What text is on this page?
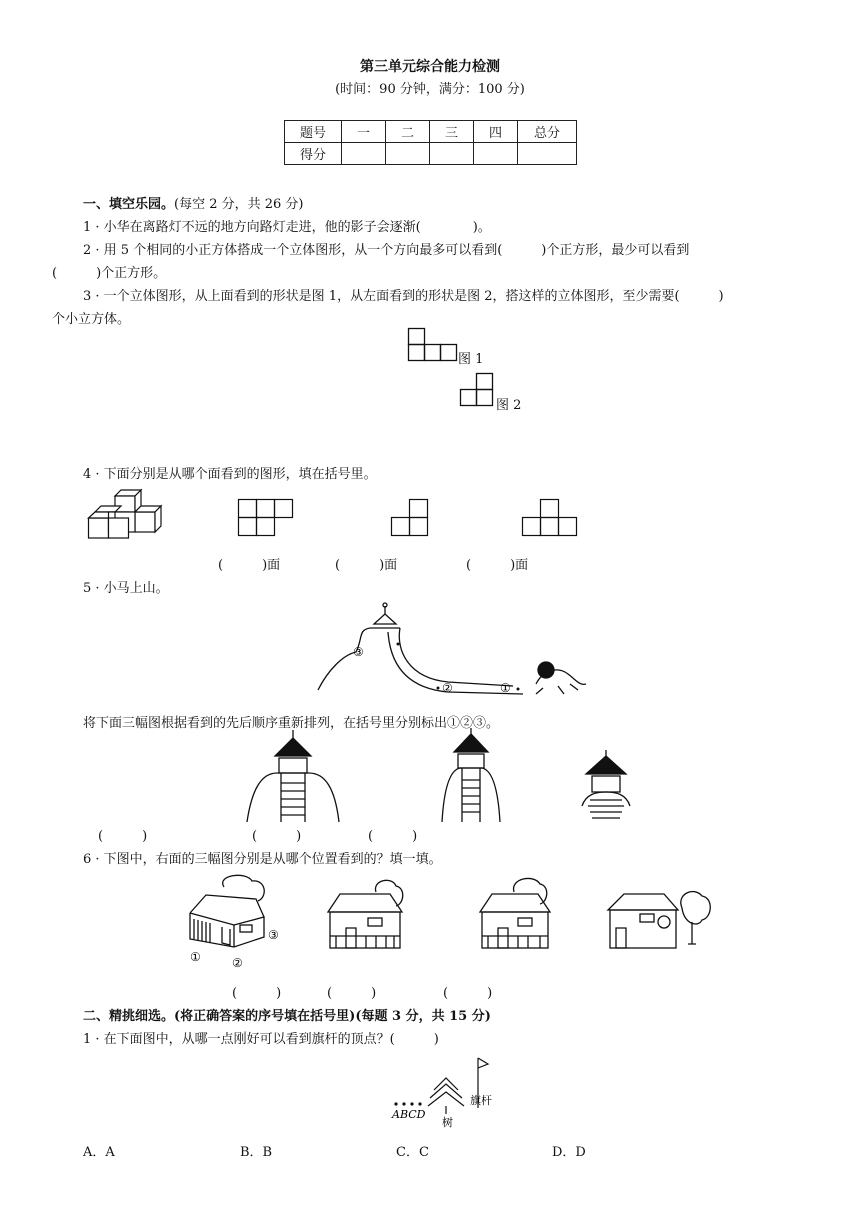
第三单元综合能力检测
(时间：90 分钟，满分：100 分)
题号	一	二	三	四	总分
得分					
一、填空乐园。(每空 2 分，共 26 分)
1 · 小华在离路灯不远的地方向路灯走进，他的影子会逐渐(　　　　)。
2 · 用 5 个相同的小正方体搭成一个立体图形，从一个方向最多可以看到(　　　)个正方形，最少可以看到
(　　　)个正方形。
3 · 一个立体图形，从上面看到的形状是图 1，从左面看到的形状是图 2，搭这样的立体图形，至少需要(　　　)
个小立方体。
图 1
图 2
4 · 下面分别是从哪个面看到的图形，填在括号里。
(　　　)面	(　　　)面	(　　　)面
5 · 小马上山。
③
②	①
将下面三幅图根据看到的先后顺序重新排列，在括号里分别标出①②③。
(　　　)	(　　　)	(　　　)
6 · 下图中，右面的三幅图分别是从哪个位置看到的？填一填。
③
①	②
(　　　)	(　　　)	(　　　)
二、精挑细选。(将正确答案的序号填在括号里)(每题 3 分，共 15 分)
1 · 在下面图中，从哪一点刚好可以看到旗杆的顶点？(　　　)
ABCD
树
旗杆
A．A	B．B	C．C	D．D
